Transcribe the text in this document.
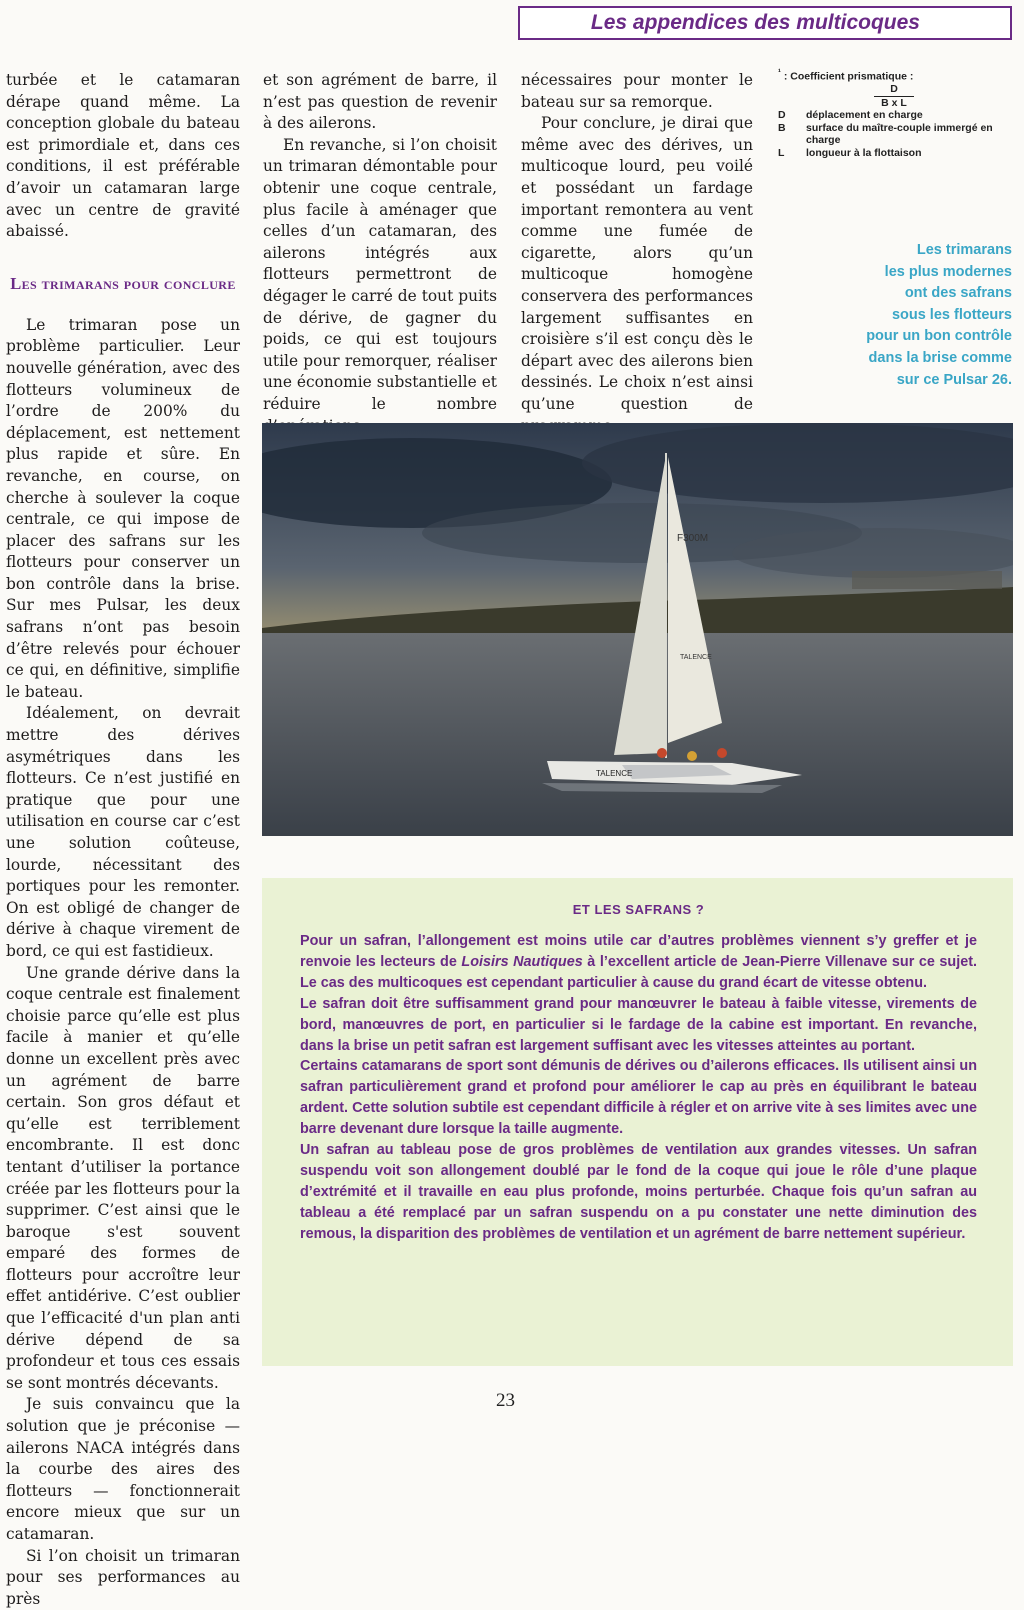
Les appendices des multicoques

turbée et le catamaran dérape quand même. La conception globale du bateau est primordiale et, dans ces conditions, il est préférable d’avoir un catamaran large avec un centre de gravité abaissé.

Les trimarans pour conclure

Le trimaran pose un problème particulier. Leur nouvelle génération, avec des flotteurs volumineux de l’ordre de 200% du déplacement, est nettement plus rapide et sûre. En revanche, en course, on cherche à soulever la coque centrale, ce qui impose de placer des safrans sur les flotteurs pour conserver un bon contrôle dans la brise. Sur mes Pulsar, les deux safrans n’ont pas besoin d’être relevés pour échouer ce qui, en définitive, simplifie le bateau.

Idéalement, on devrait mettre des dérives asymétriques dans les flotteurs. Ce n’est justifié en pratique que pour une utilisation en course car c’est une solution coûteuse, lourde, nécessitant des portiques pour les remonter. On est obligé de changer de dérive à chaque virement de bord, ce qui est fastidieux.

Une grande dérive dans la coque centrale est finalement choisie parce qu’elle est plus facile à manier et qu’elle donne un excellent près avec un agrément de barre certain. Son gros défaut et qu’elle est terriblement encombrante. Il est donc tentant d’utiliser la portance créée par les flotteurs pour la supprimer. C’est ainsi que le baroque s'est souvent emparé des formes de flotteurs pour accroître leur effet antidérive. C’est oublier que l’efficacité d'un plan anti dérive dépend de sa profondeur et tous ces essais se sont montrés décevants.

Je suis convaincu que la solution que je préconise — ailerons NACA intégrés dans la courbe des aires des flotteurs — fonctionnerait encore mieux que sur un catamaran.

Si l’on choisit un trimaran pour ses performances au près

et son agrément de barre, il n’est pas question de revenir à des ailerons.

En revanche, si l’on choisit un trimaran démontable pour obtenir une coque centrale, plus facile à aménager que celles d’un catamaran, des ailerons intégrés aux flotteurs permettront de dégager le carré de tout puits de dérive, de gagner du poids, ce qui est toujours utile pour remorquer, réaliser une économie substantielle et réduire le nombre

nécessaires pour monter le bateau sur sa remorque.

Pour conclure, je dirai que même avec des dérives, un multicoque lourd, peu voilé et possédant un fardage important remontera au vent comme une fumée de cigarette, alors qu’un multicoque homogène conservera des performances largement suffisantes en croisière s’il est conçu dès le départ avec des ailerons bien dessinés. Le choix n’est ainsi qu’une question de

$^{^1}$ : Coefficient prismatique :
D
B x L
D	déplacement en charge
B	surface du maître-couple immergé en charge
L	longueur à la flottaison
Les trimarans
les plus modernes
ont des safrans
sous les flotteurs
pour un bon contrôle
dans la brise comme
sur ce Pulsar 26.
F300M
TALENCE
TALENCE
ET LES SAFRANS ?

Pour un safran, l’allongement est moins utile car d’autres problèmes viennent s’y greffer et je renvoie les lecteurs de Loisirs Nautiques à l’excellent article de Jean-Pierre Villenave sur ce sujet. Le cas des multicoques est cependant particulier à cause du grand écart de vitesse obtenu.

Le safran doit être suffisamment grand pour manœuvrer le bateau à faible vitesse, virements de bord, manœuvres de port, en particulier si le fardage de la cabine est important. En revanche, dans la brise un petit safran est largement suffisant avec les vitesses atteintes au portant.

Certains catamarans de sport sont démunis de dérives ou d’ailerons efficaces. Ils utilisent ainsi un safran particulièrement grand et profond pour améliorer le cap au près en équilibrant le bateau ardent. Cette solution subtile est cependant difficile à régler et on arrive vite à ses limites avec une barre devenant dure lorsque la taille augmente.

Un safran au tableau pose de gros problèmes de ventilation aux grandes vitesses. Un safran suspendu voit son allongement doublé par le fond de la coque qui joue le rôle d’une plaque d’extrémité et il travaille en eau plus profonde, moins perturbée. Chaque fois qu’un safran au tableau a été remplacé par un safran suspendu on a pu constater une nette diminution des remous, la disparition des problèmes de ventilation et un agrément de barre nettement supérieur.

23
